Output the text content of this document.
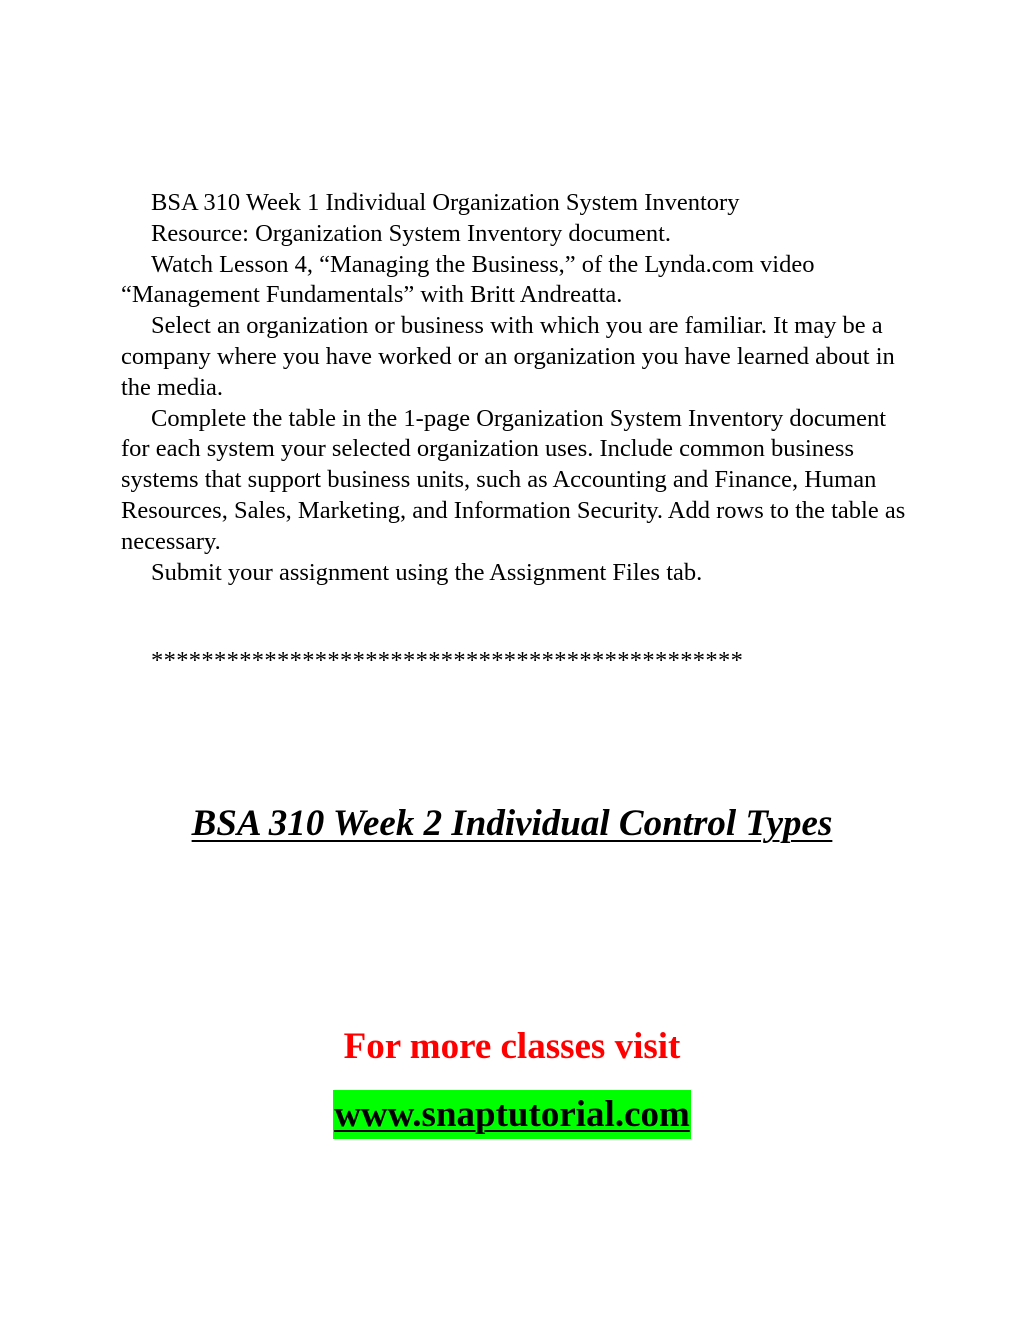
BSA 310 Week 1 Individual Organization System Inventory

Resource: Organization System Inventory document.

Watch Lesson 4, “Managing the Business,” of the Lynda.com video “Management Fundamentals” with Britt Andreatta.

Select an organization or business with which you are familiar. It may be a company where you have worked or an organization you have learned about in the media.

Complete the table in the 1-page Organization System Inventory document for each system your selected organization uses. Include common business systems that support business units, such as Accounting and Finance, Human Resources, Sales, Marketing, and Information Security. Add rows to the table as necessary.

Submit your assignment using the Assignment Files tab.

***********************************************
BSA 310 Week 2 Individual Control Types
For more classes visit
www.snaptutorial.com
